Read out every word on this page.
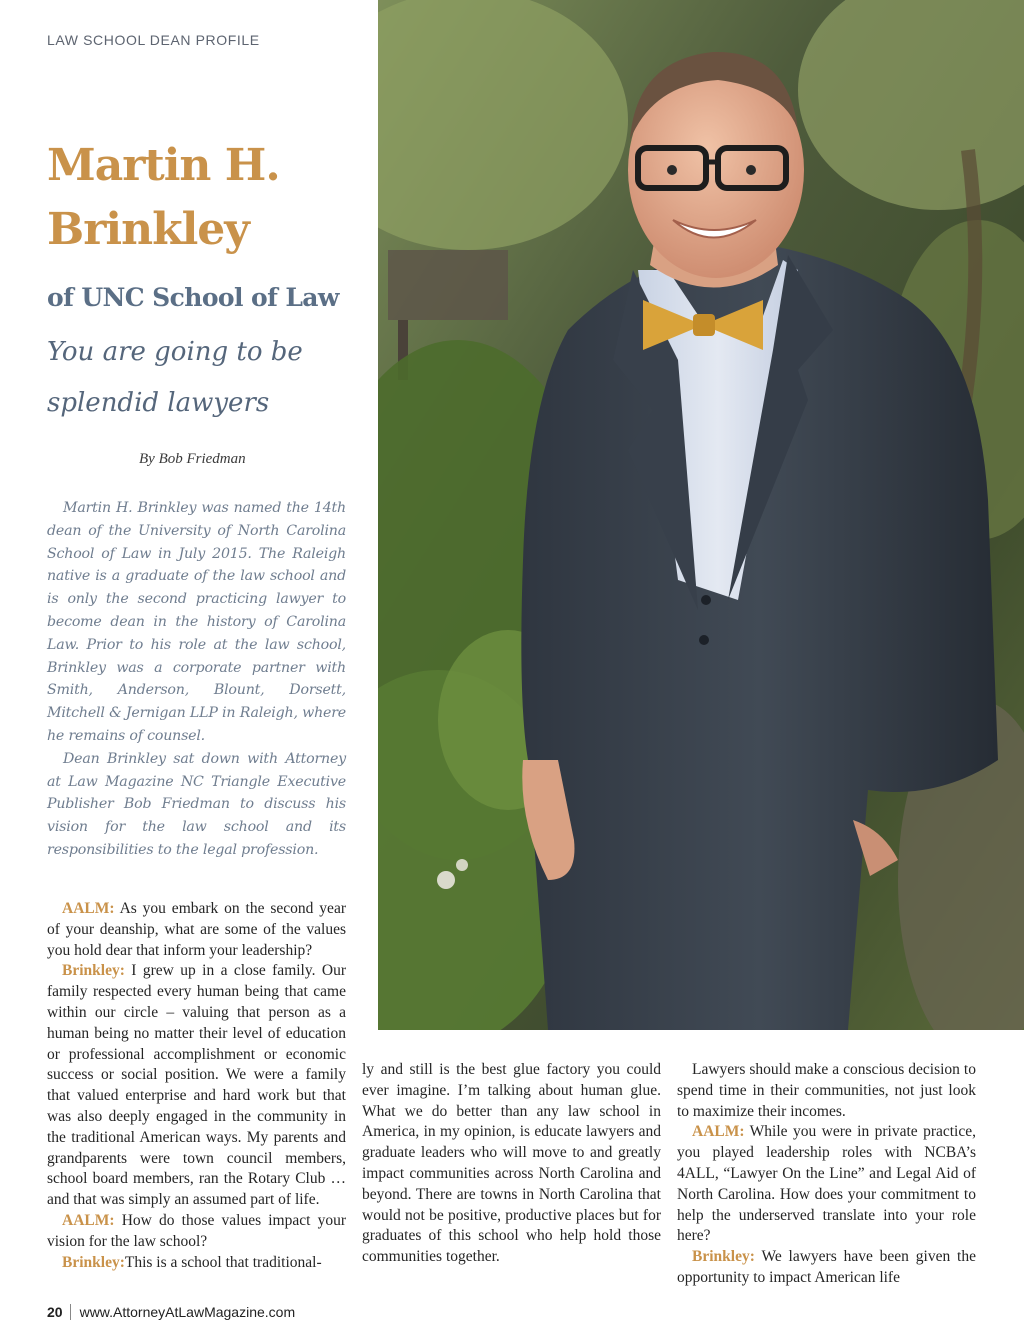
LAW SCHOOL DEAN PROFILE
Martin H.
Brinkley
of UNC School of Law
You are going to be
splendid lawyers
By Bob Friedman

Martin H. Brinkley was named the 14th dean of the University of North Carolina School of Law in July 2015. The Raleigh native is a graduate of the law school and is only the second practicing lawyer to become dean in the history of Carolina Law. Prior to his role at the law school, Brinkley was a corporate partner with Smith, Anderson, Blount, Dorsett, Mitchell & Jernigan LLP in Raleigh, where he remains of counsel.

Dean Brinkley sat down with Attorney at Law Magazine NC Triangle Executive Publisher Bob Friedman to discuss his vision for the law school and its responsibilities to the legal profession.

AALM: As you embark on the second year of your deanship, what are some of the values you hold dear that inform your leadership?

Brinkley: I grew up in a close family. Our family respected every human being that came within our circle – valuing that person as a human being no matter their level of education or professional accomplishment or economic success or social position. We were a family that valued enterprise and hard work but that was also deeply engaged in the community in the traditional American ways. My parents and grandparents were town council members, school board members, ran the Rotary Club … and that was simply an assumed part of life.

AALM: How do those values impact your vision for the law school?

Brinkley:This is a school that traditional-

ly and still is the best glue factory you could ever imagine. I’m talking about human glue. What we do better than any law school in America, in my opinion, is educate lawyers and graduate leaders who will move to and greatly impact communities across North Carolina and beyond. There are towns in North Carolina that would not be positive, productive places but for graduates of this school who help hold those communities together.

Lawyers should make a conscious decision to spend time in their communities, not just look to maximize their incomes.

AALM: While you were in private practice, you played leadership roles with NCBA’s 4ALL, “Lawyer On the Line” and Legal Aid of North Carolina. How does your commitment to help the underserved translate into your role here?

Brinkley: We lawyers have been given the opportunity to impact American life

20 www.AttorneyAtLawMagazine.com
